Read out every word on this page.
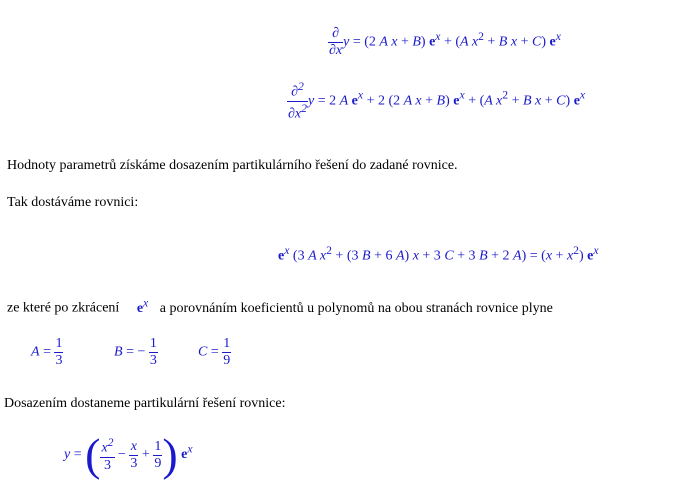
$\frac{\partial}{\partial x}$ y = (2 A x + B) $e^x + (A$ $x^2 + B$ x + C) $e^x$
$\frac{\partial^2}{\partial x^2}$ y = 2 A $e^x + 2$ (2 A x + B) $e^x + (A$ $x^2 + B$ x + C) $e^x$
Hodnoty parametrů získáme dosazením partikulárního řešení do zadané rovnice.
Tak dostáváme rovnici:
$e^x$ (3 A $x^2 + (3$ B + 6 A) x + 3 C + 3 B + 2 $A) = (x + x^2)$ $e^x$
ze které po zkrácení $e^x$ a porovnáním koeficientů u polynomů na obou stranách rovnice plyne
$A = \frac{1}{3}$	B = − $\frac{1}{3}$	$C = \frac{1}{9}$
Dosazením dostaneme partikulární řešení rovnice:
y = ( $\frac{x^2}{3} - \frac{x}{3} + \frac{1}{9}$ ) $e^x$
